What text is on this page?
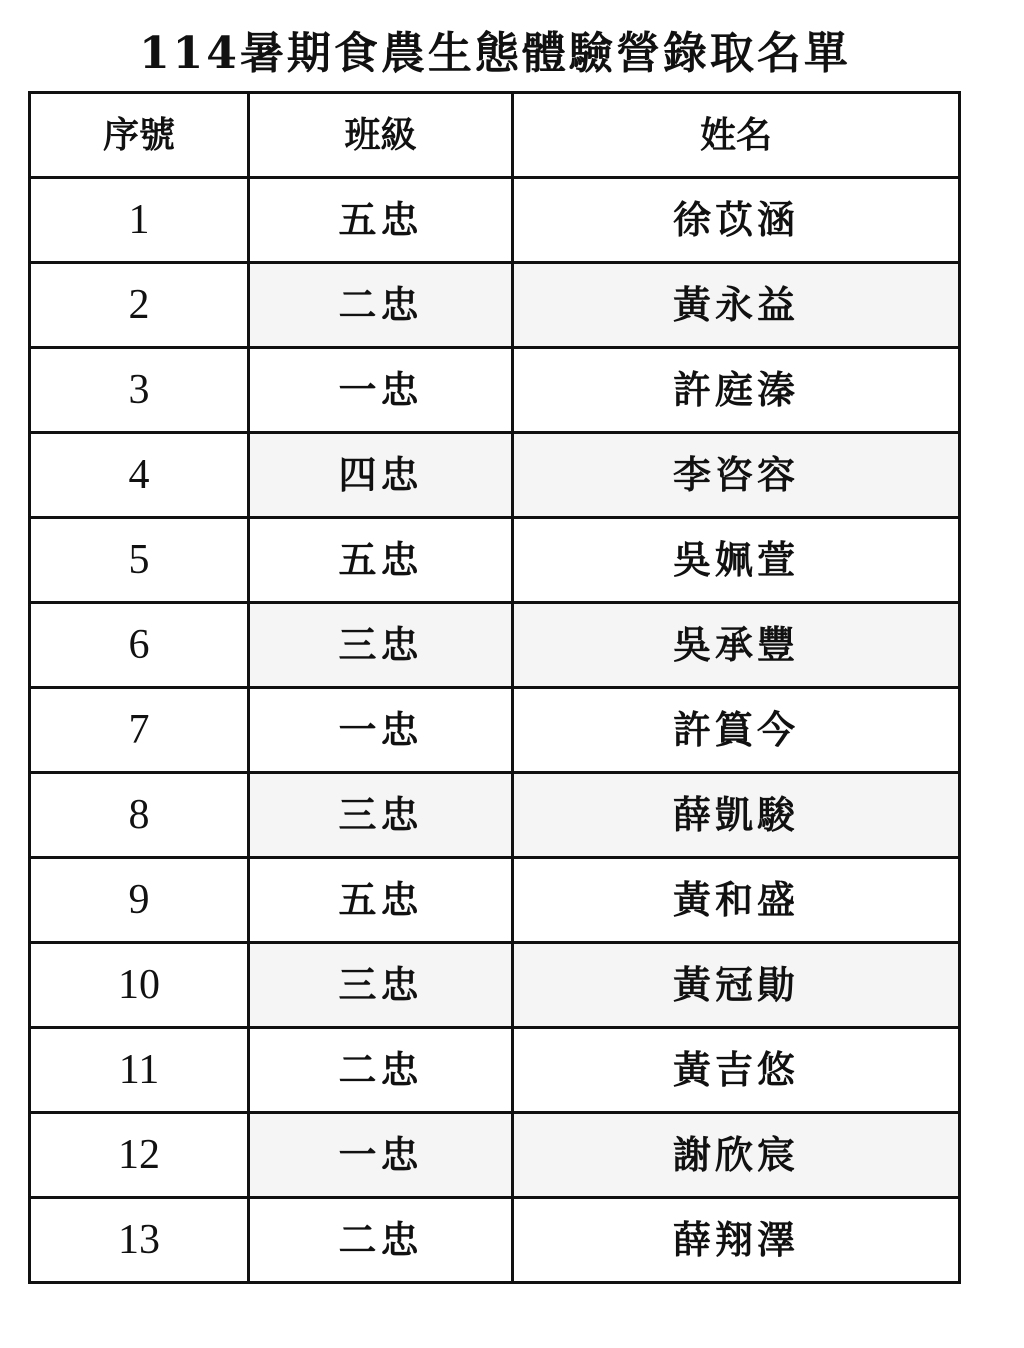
114暑期食農生態體驗營錄取名單
序號	班級	姓名
1	五忠	徐苡涵
2	二忠	黃永益
3	一忠	許庭溱
4	四忠	李咨容
5	五忠	吳姵萱
6	三忠	吳承豐
7	一忠	許篔今
8	三忠	薛凱駿
9	五忠	黃和盛
10	三忠	黃冠勛
11	二忠	黃吉悠
12	一忠	謝欣宸
13	二忠	薛翔澤
